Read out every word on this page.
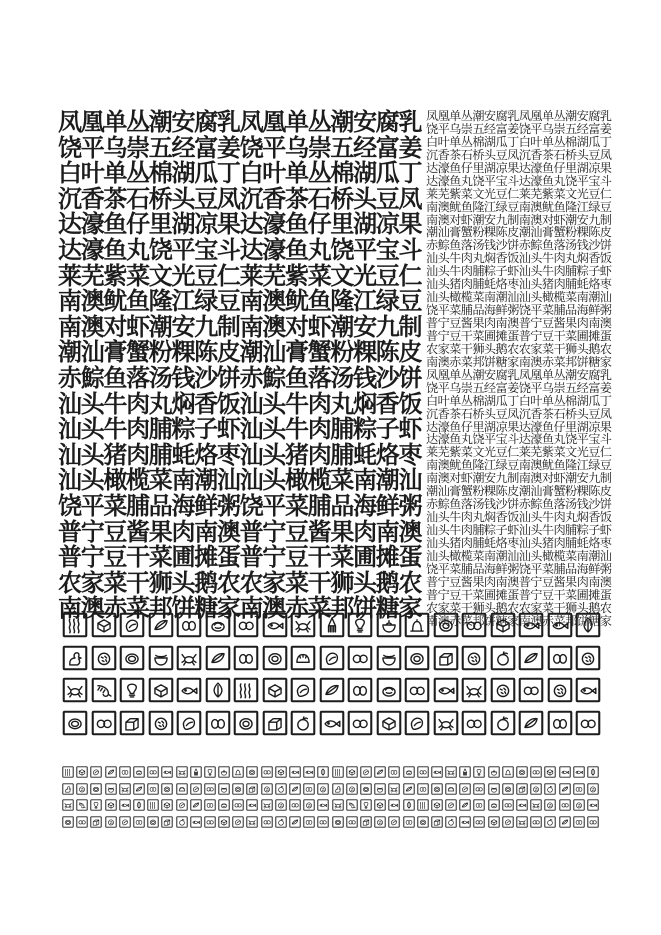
凤凰单丛潮安腐乳凤凰单丛潮安腐乳
饶平乌崇五经富姜饶平乌崇五经富姜
白叶单丛棉湖瓜丁白叶单丛棉湖瓜丁
沉香茶石桥头豆凤沉香茶石桥头豆凤
达濠鱼仔里湖凉果达濠鱼仔里湖凉果
达濠鱼丸饶平宝斗达濠鱼丸饶平宝斗
莱芜紫菜文光豆仁莱芜紫菜文光豆仁
南澳鱿鱼隆江绿豆南澳鱿鱼隆江绿豆
南澳对虾潮安九制南澳对虾潮安九制
潮汕膏蟹粉粿陈皮潮汕膏蟹粉粿陈皮
赤鯮鱼落汤钱沙饼赤鯮鱼落汤钱沙饼
汕头牛肉丸焖香饭汕头牛肉丸焖香饭
汕头牛肉脯粽子虾汕头牛肉脯粽子虾
汕头猪肉脯蚝烙枣汕头猪肉脯蚝烙枣
汕头橄榄菜南潮汕汕头橄榄菜南潮汕
饶平菜脯品海鲜粥饶平菜脯品海鲜粥
普宁豆酱果肉南澳普宁豆酱果肉南澳
普宁豆干菜圃摊蛋普宁豆干菜圃摊蛋
农家菜干狮头鹅农农家菜干狮头鹅农
南澳赤菜邦饼糖家南澳赤菜邦饼糖家
凤凰单丛潮安腐乳凤凰单丛潮安腐乳
饶平乌崇五经富姜饶平乌崇五经富姜
白叶单丛棉湖瓜丁白叶单丛棉湖瓜丁
沉香茶石桥头豆凤沉香茶石桥头豆凤
达濠鱼仔里湖凉果达濠鱼仔里湖凉果
达濠鱼丸饶平宝斗达濠鱼丸饶平宝斗
莱芜紫菜文光豆仁莱芜紫菜文光豆仁
南澳鱿鱼隆江绿豆南澳鱿鱼隆江绿豆
南澳对虾潮安九制南澳对虾潮安九制
潮汕膏蟹粉粿陈皮潮汕膏蟹粉粿陈皮
赤鯮鱼落汤钱沙饼赤鯮鱼落汤钱沙饼
汕头牛肉丸焖香饭汕头牛肉丸焖香饭
汕头牛肉脯粽子虾汕头牛肉脯粽子虾
汕头猪肉脯蚝烙枣汕头猪肉脯蚝烙枣
汕头橄榄菜南潮汕汕头橄榄菜南潮汕
饶平菜脯品海鲜粥饶平菜脯品海鲜粥
普宁豆酱果肉南澳普宁豆酱果肉南澳
普宁豆干菜圃摊蛋普宁豆干菜圃摊蛋
农家菜干狮头鹅农农家菜干狮头鹅农
南澳赤菜邦饼糖家南澳赤菜邦饼糖家
凤凰单丛潮安腐乳凤凰单丛潮安腐乳
饶平乌崇五经富姜饶平乌崇五经富姜
白叶单丛棉湖瓜丁白叶单丛棉湖瓜丁
沉香茶石桥头豆凤沉香茶石桥头豆凤
达濠鱼仔里湖凉果达濠鱼仔里湖凉果
达濠鱼丸饶平宝斗达濠鱼丸饶平宝斗
莱芜紫菜文光豆仁莱芜紫菜文光豆仁
南澳鱿鱼隆江绿豆南澳鱿鱼隆江绿豆
南澳对虾潮安九制南澳对虾潮安九制
潮汕膏蟹粉粿陈皮潮汕膏蟹粉粿陈皮
赤鯮鱼落汤钱沙饼赤鯮鱼落汤钱沙饼
汕头牛肉丸焖香饭汕头牛肉丸焖香饭
汕头牛肉脯粽子虾汕头牛肉脯粽子虾
汕头猪肉脯蚝烙枣汕头猪肉脯蚝烙枣
汕头橄榄菜南潮汕汕头橄榄菜南潮汕
饶平菜脯品海鲜粥饶平菜脯品海鲜粥
普宁豆酱果肉南澳普宁豆酱果肉南澳
普宁豆干菜圃摊蛋普宁豆干菜圃摊蛋
农家菜干狮头鹅农农家菜干狮头鹅农
南澳赤菜邦饼糖家南澳赤菜邦饼糖家
